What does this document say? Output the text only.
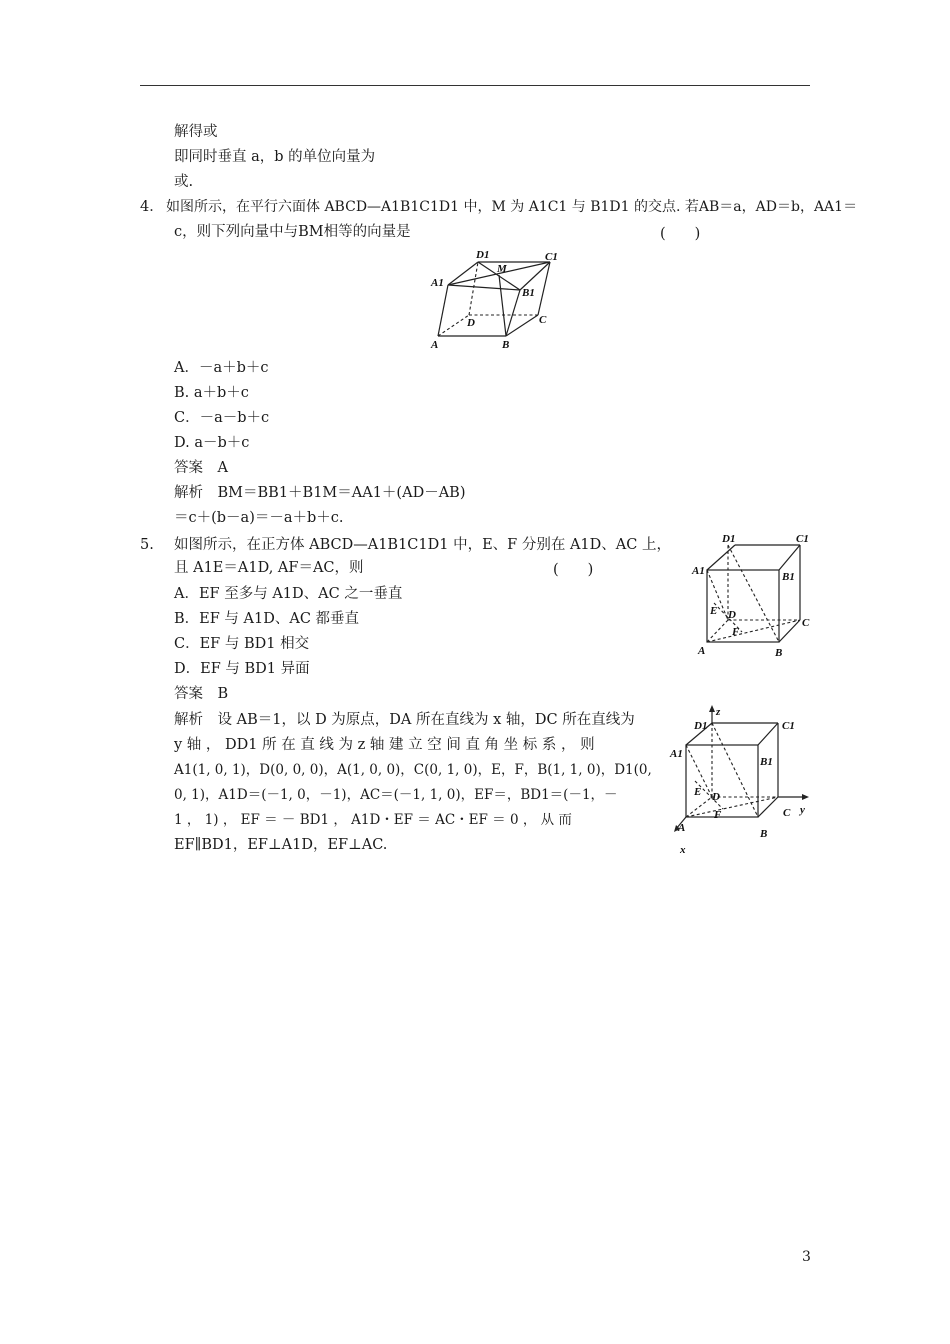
解得或
即同时垂直 a，b 的单位向量为
或.
4． 如图所示，在平行六面体 ABCD—A1B1C1D1 中，M 为 A1C1 与 B1D1 的交点. 若AB＝a，AD＝b，AA1＝
c，则下列向量中与BM相等的向量是	(　　)
D1
M
C1
A1
B1
D	C
A	B
A．－a＋b＋c
B. a＋b＋c
C．－a－b＋c
D. a－b＋c
答案　A
解析　BM＝BB1＋B1M＝AA1＋(AD－AB)
＝c＋(b－a)＝－a＋b＋c.
5. 如图所示，在正方体 ABCD—A1B1C1D1 中，E、F 分别在 A1D、AC 上，
且 A1E＝A1D, AF＝AC，则	(　　)
A．EF 至多与 A1D、AC 之一垂直
B．EF 与 A1D、AC 都垂直
C．EF 与 BD1 相交
D．EF 与 BD1 异面
答案　B
解析　设 AB＝1，以 D 为原点，DA 所在直线为 x 轴，DC 所在直线为
y 轴 ， DD1 所 在 直 线 为 z 轴 建 立 空 间 直 角 坐 标 系 ， 则
A1(1, 0, 1)，D(0, 0, 0)，A(1, 0, 0)，C(0, 1, 0)，E，F，B(1, 1, 0)，D1(0,
0, 1)，A1D＝(－1, 0，－1)，AC＝(－1, 1, 0)，EF＝，BD1＝(－1，－
1 ， 1) ， EF ＝ － BD1 ， A1D・EF ＝ AC・EF ＝ 0 ， 从 而
EF∥BD1，EF⊥A1D，EF⊥AC.
D1	C1
A1	B1
E D
C
F
A	B
z
D1	C1
A1
B1
E D
C y
F
A	B
x
3
